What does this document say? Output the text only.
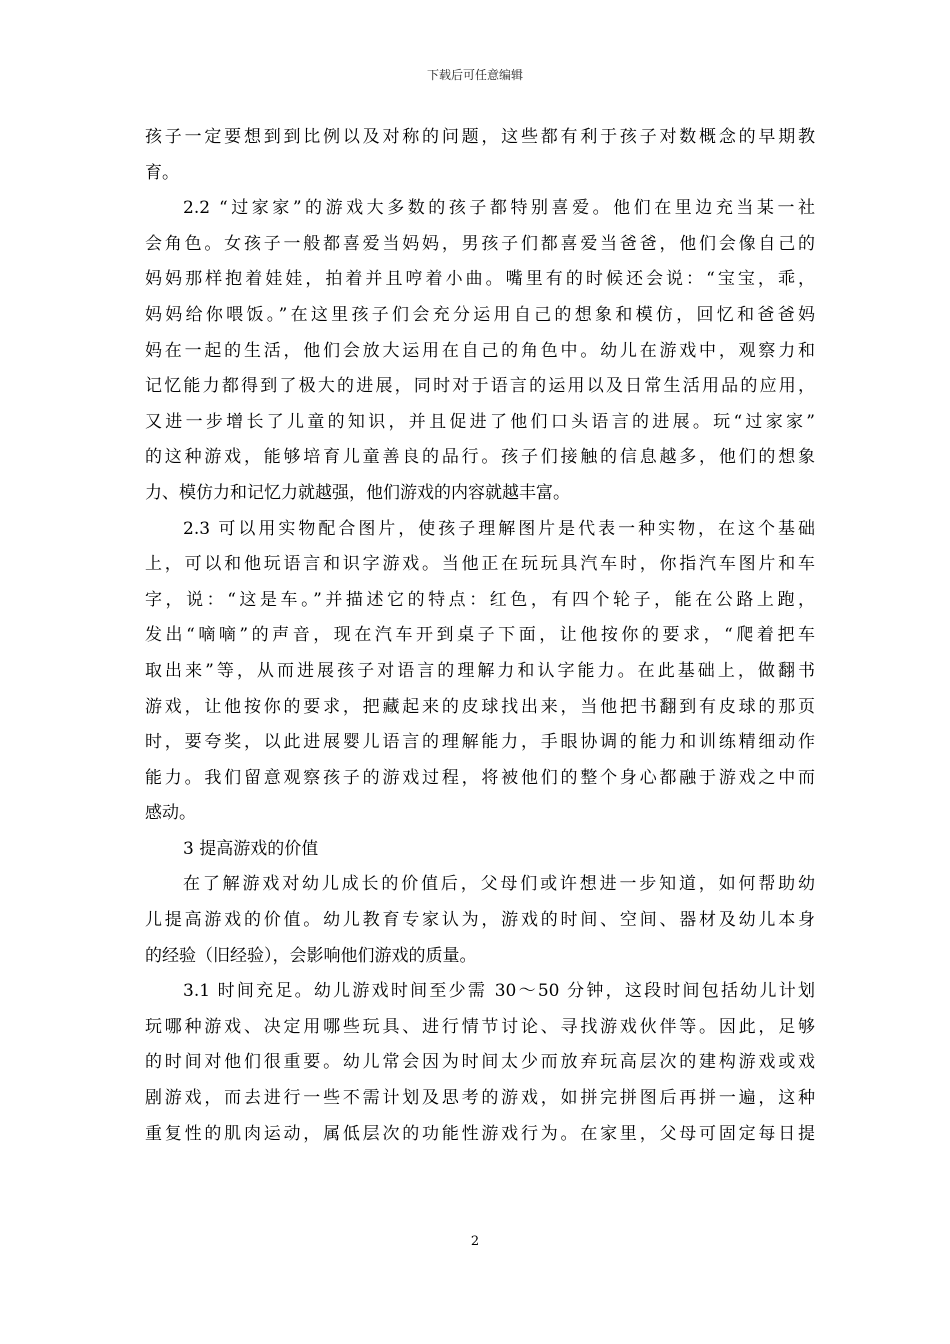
下载后可任意编辑
孩子一定要想到到比例以及对称的问题，这些都有利于孩子对数概念的早期教
育。
2.2 “过家家”的游戏大多数的孩子都特别喜爱。他们在里边充当某一社
会角色。女孩子一般都喜爱当妈妈，男孩子们都喜爱当爸爸，他们会像自己的
妈妈那样抱着娃娃，拍着并且哼着小曲。嘴里有的时候还会说：“宝宝，乖，
妈妈给你喂饭。”在这里孩子们会充分运用自己的想象和模仿，回忆和爸爸妈
妈在一起的生活，他们会放大运用在自己的角色中。幼儿在游戏中，观察力和
记忆能力都得到了极大的进展，同时对于语言的运用以及日常生活用品的应用，
又进一步增长了儿童的知识，并且促进了他们口头语言的进展。玩“过家家”
的这种游戏，能够培育儿童善良的品行。孩子们接触的信息越多，他们的想象
力、模仿力和记忆力就越强，他们游戏的内容就越丰富。
2.3 可以用实物配合图片，使孩子理解图片是代表一种实物，在这个基础
上，可以和他玩语言和识字游戏。当他正在玩玩具汽车时，你指汽车图片和车
字，说：“这是车。”并描述它的特点：红色，有四个轮子，能在公路上跑，
发出“嘀嘀”的声音，现在汽车开到桌子下面，让他按你的要求，“爬着把车
取出来”等，从而进展孩子对语言的理解力和认字能力。在此基础上，做翻书
游戏，让他按你的要求，把藏起来的皮球找出来，当他把书翻到有皮球的那页
时，要夸奖，以此进展婴儿语言的理解能力，手眼协调的能力和训练精细动作
能力。我们留意观察孩子的游戏过程，将被他们的整个身心都融于游戏之中而
感动。
3 提高游戏的价值
在了解游戏对幼儿成长的价值后，父母们或许想进一步知道，如何帮助幼
儿提高游戏的价值。幼儿教育专家认为，游戏的时间、空间、器材及幼儿本身
的经验（旧经验），会影响他们游戏的质量。
3.1 时间充足。幼儿游戏时间至少需 30～50 分钟，这段时间包括幼儿计划
玩哪种游戏、决定用哪些玩具、进行情节讨论、寻找游戏伙伴等。因此，足够
的时间对他们很重要。幼儿常会因为时间太少而放弃玩高层次的建构游戏或戏
剧游戏，而去进行一些不需计划及思考的游戏，如拼完拼图后再拼一遍，这种
重复性的肌肉运动，属低层次的功能性游戏行为。在家里，父母可固定每日提
2
